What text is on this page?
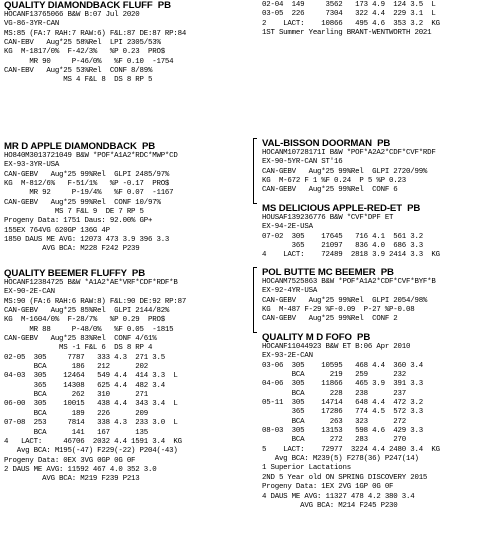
QUALITY DIAMONDBACK FLUFF  PB
HOCANF13765066 B&W B:07 Jul 2020
VG-86-3YR-CAN
MS:85 (FA:7 RAH:7 RAW:6) F&L:87 DE:87 RP:84
CAN-EBV   Aug*25 58%Rel  LPI 2305/53%
KG  M-1817/0%  F-42/3%   %P 0.23  PRO$
MR 90     P-46/0%   %F 0.10  -1754
CAN-EBV   Aug*25 53%Rel  CONF 8/89%
MS 4 F&L 8  DS 8 RP 5
MR D APPLE DIAMONDBACK  PB
HO840M3013721049 B&W *POF*A1A2*RDC*MWP*CD
EX-93-3YR-USA
CAN-GEBV   Aug*25 99%Rel  GLPI 2485/97%
KG  M-812/6%   F-51/1%   %P -0.17  PRO$
MR 92     P-19/4%   %F 0.07  -1167
CAN-GEBV   Aug*25 99%Rel  CONF 10/97%
MS 7 F&L 9  DE 7 RP 5
Progeny Data: 1751 Daus: 92.00% GP+
155EX 764VG 620GP 136G 4P
1850 DAUS ME AVG: 12073 473 3.9 396 3.3
AVG BCA: M228 F242 P239
QUALITY BEEMER FLUFFY  PB
HOCANF12384725 B&W *A1A2*AE*VRF*CDF*RDF*B
EX-90-2E-CAN
MS:90 (FA:6 RAH:6 RAW:8) F&L:90 DE:92 RP:87
CAN-GEBV   Aug*25 85%Rel  GLPI 2144/82%
KG  M-1604/0%  F-28/7%   %P 0.29  PRO$
MR 88     P-48/0%   %F 0.05  -1815
CAN-GEBV   Aug*25 83%Rel  CONF 4/61%
MS -1 F&L 6  DS 8 RP 4
02-05  305     7787   333 4.3  271 3.5
BCA      186   212      202
04-03  305    12464   549 4.4  414 3.3  L
365    14308   625 4.4  482 3.4
BCA      262   310      271
06-00  305    10015   438 4.4  343 3.4  L
BCA      189   226      209
07-08  253     7814   338 4.3  233 3.0  L
BCA      141   167      135
4   LACT:     46706  2032 4.4 1591 3.4  KG
Avg BCA: M195(-47) F229(-22) P204(-43)
Progeny Data: 0EX 3VG 0GP 0G 0F
2 DAUS ME AVG: 11592 467 4.0 352 3.0
AVG BCA: M219 F239 P213
02-04  149     3562   173 4.9  124 3.5  L
03-05  226     7304   322 4.4  229 3.1  L
2    LACT:    10866   495 4.6  353 3.2  KG
1ST Summer Yearling BRANT-WENTWORTH 2021
VAL-BISSON DOORMAN  PB
HOCANM10728171I B&W *POF*A2A2*CDF*CVF*RDF
EX-90-5YR-CAN ST'16
CAN-GEBV   Aug*25 99%Rel  GLPI 2720/99%
KG  M-672 F 1 %F 0.24  P 5 %P 0.23
CAN-GEBV   Aug*25 99%Rel  CONF 6
MS DELICIOUS APPLE-RED-ET  PB
HOUSAF139236776 B&W *CVF*DPF ET
EX-94-2E-USA
07-02  305    17645   716 4.1  561 3.2
365    21097   836 4.0  686 3.3
4    LACT:    72489  2818 3.9 2414 3.3  KG
POL BUTTE MC BEEMER  PB
HOCANM7525863 B&W *POF*A1A2*CDF*CVF*BYF*B
EX-92-4YR-USA
CAN-GEBV   Aug*25 99%Rel  GLPI 2054/98%
KG  M-487 F-29 %F-0.09  P-27 %P-0.08
CAN-GEBV   Aug*25 99%Rel  CONF 2
QUALITY M D FOFO  PB
HOCANF11044923 B&W ET B:06 Apr 2010
EX-93-2E-CAN
03-06  305    10595   468 4.4  360 3.4
BCA      219   259      232
04-06  305    11866   465 3.9  391 3.3
BCA      228   238      237
05-11  305    14714   648 4.4  472 3.2
365    17286   774 4.5  572 3.3
BCA      263   323      272
08-03  305    13153   598 4.6  429 3.3
BCA      272   283      270
5    LACT:    72977  3224 4.4 2480 3.4  KG
Avg BCA: M239(5) F278(36) P247(14)
1 Superior Lactations
2ND 5 Year old ON SPRING DISCOVERY 2015
Progeny Data: 1EX 2VG 1GP 0G 0F
4 DAUS ME AVG: 11327 478 4.2 380 3.4
AVG BCA: M214 F245 P230
